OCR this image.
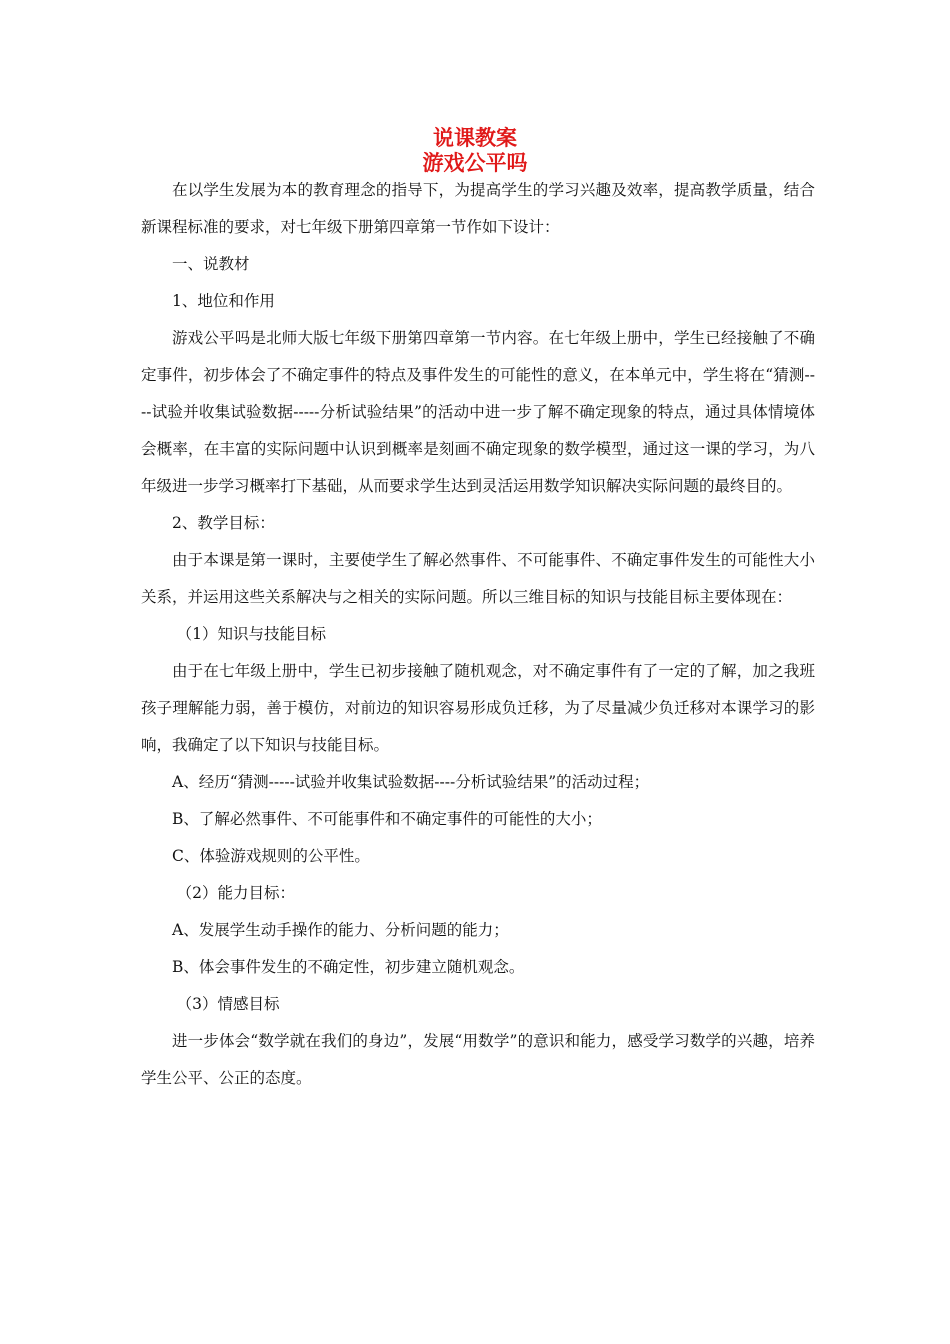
说课教案
游戏公平吗

在以学生发展为本的教育理念的指导下，为提高学生的学习兴趣及效率，提高教学质量，结合新课程标准的要求，对七年级下册第四章第一节作如下设计：

一、说教材

1、地位和作用

游戏公平吗是北师大版七年级下册第四章第一节内容。在七年级上册中，学生已经接触了不确定事件，初步体会了不确定事件的特点及事件发生的可能性的意义，在本单元中，学生将在“猜测----试验并收集试验数据-----分析试验结果”的活动中进一步了解不确定现象的特点，通过具体情境体会概率，在丰富的实际问题中认识到概率是刻画不确定现象的数学模型，通过这一课的学习，为八年级进一步学习概率打下基础，从而要求学生达到灵活运用数学知识解决实际问题的最终目的。

2、教学目标：

由于本课是第一课时，主要使学生了解必然事件、不可能事件、不确定事件发生的可能性大小关系，并运用这些关系解决与之相关的实际问题。所以三维目标的知识与技能目标主要体现在：

（1）知识与技能目标

由于在七年级上册中，学生已初步接触了随机观念，对不确定事件有了一定的了解，加之我班孩子理解能力弱，善于模仿，对前边的知识容易形成负迁移，为了尽量减少负迁移对本课学习的影响，我确定了以下知识与技能目标。

A、经历“猜测-----试验并收集试验数据----分析试验结果”的活动过程；

B、了解必然事件、不可能事件和不确定事件的可能性的大小；

C、体验游戏规则的公平性。

（2）能力目标：

A、发展学生动手操作的能力、分析问题的能力；

B、体会事件发生的不确定性，初步建立随机观念。

（3）情感目标

进一步体会“数学就在我们的身边”，发展“用数学”的意识和能力，感受学习数学的兴趣，培养学生公平、公正的态度。
